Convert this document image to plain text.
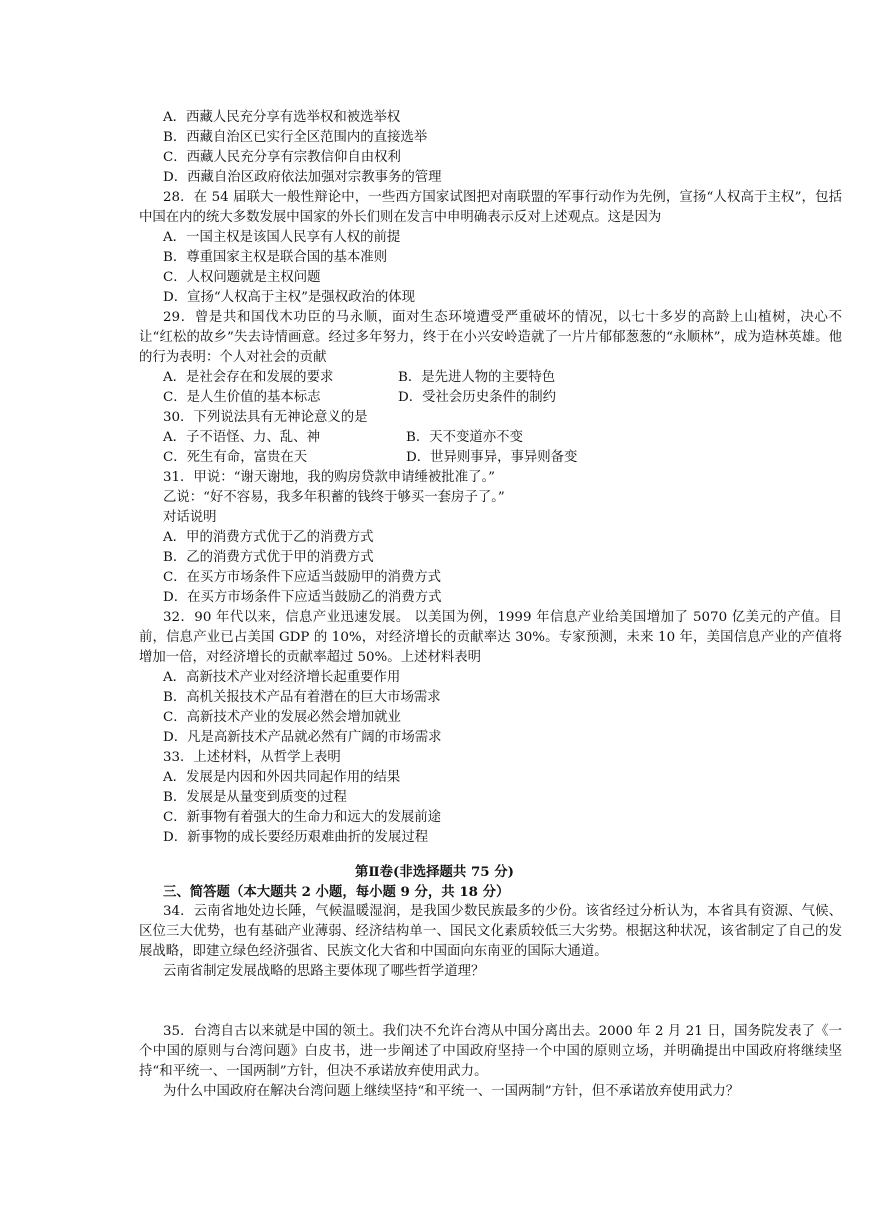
A．西藏人民充分享有选举权和被选举权
B．西藏自治区已实行全区范围内的直接选举
C．西藏人民充分享有宗教信仰自由权利
D．西藏自治区政府依法加强对宗教事务的管理
28．在 54 届联大一般性辩论中，一些西方国家试图把对南联盟的军事行动作为先例，宣扬“人权高于主权”，包括中国在内的统大多数发展中国家的外长们则在发言中申明确表示反对上述观点。这是因为
A．一国主权是该国人民享有人权的前提
B．尊重国家主权是联合国的基本准则
C．人权问题就是主权问题
D．宣扬“人权高于主权”是强权政治的体现
29．曾是共和国伐木功臣的马永顺，面对生态环境遭受严重破坏的情况，以七十多岁的高龄上山植树，决心不让“红松的故乡”失去诗情画意。经过多年努力，终于在小兴安岭造就了一片片郁郁葱葱的“永顺林”，成为造林英雄。他的行为表明：个人对社会的贡献
A．是社会存在和发展的要求	B．是先进人物的主要特色
C．是人生价值的基本标志	D．受社会历史条件的制约
30．下列说法具有无神论意义的是
A．子不语怪、力、乱、神	B．天不变道亦不变
C．死生有命，富贵在天	D．世异则事异，事异则备变
31．甲说：“谢天谢地，我的购房贷款申请缍被批准了。”
乙说：“好不容易，我多年积蓄的钱终于够买一套房子了。”
对话说明
A．甲的消费方式优于乙的消费方式
B．乙的消费方式优于甲的消费方式
C．在买方市场条件下应适当鼓励甲的消费方式
D．在买方市场条件下应适当鼓励乙的消费方式
32．90 年代以来，信息产业迅速发展。 以美国为例，1999 年信息产业给美国增加了 5070 亿美元的产值。目前，信息产业已占美国 GDP 的 10%，对经济增长的贡献率达 30%。专家预测，未来 10 年，美国信息产业的产值将增加一倍，对经济增长的贡献率超过 50%。上述材料表明
A．高新技术产业对经济增长起重要作用
B．高机关报技术产品有着潜在的巨大市场需求
C．高新技术产业的发展必然会增加就业
D．凡是高新技术产品就必然有广阔的市场需求
33．上述材料，从哲学上表明
A．发展是内因和外因共同起作用的结果
B．发展是从量变到质变的过程
C．新事物有着强大的生命力和远大的发展前途
D．新事物的成长要经历艰难曲折的发展过程
第Ⅱ卷(非选择题共 75 分)
三、简答题（本大题共 2 小题，每小题 9 分，共 18 分）
34．云南省地处边长陲，气候温暖湿润，是我国少数民族最多的少份。该省经过分析认为，本省具有资源、气候、区位三大优势，也有基础产业薄弱、经济结构单一、国民文化素质较低三大劣势。根据这种状况，该省制定了自己的发展战略，即建立绿色经济强省、民族文化大省和中国面向东南亚的国际大通道。
云南省制定发展战略的思路主要体现了哪些哲学道理？
35．台湾自古以来就是中国的领土。我们决不允许台湾从中国分离出去。2000 年 2 月 21 日，国务院发表了《一个中国的原则与台湾问题》白皮书，进一步阐述了中国政府坚持一个中国的原则立场，并明确提出中国政府将继续坚持“和平统一、一国两制”方针，但决不承诺放弃使用武力。
为什么中国政府在解决台湾问题上继续坚持“和平统一、一国两制”方针，但不承诺放弃使用武力？
